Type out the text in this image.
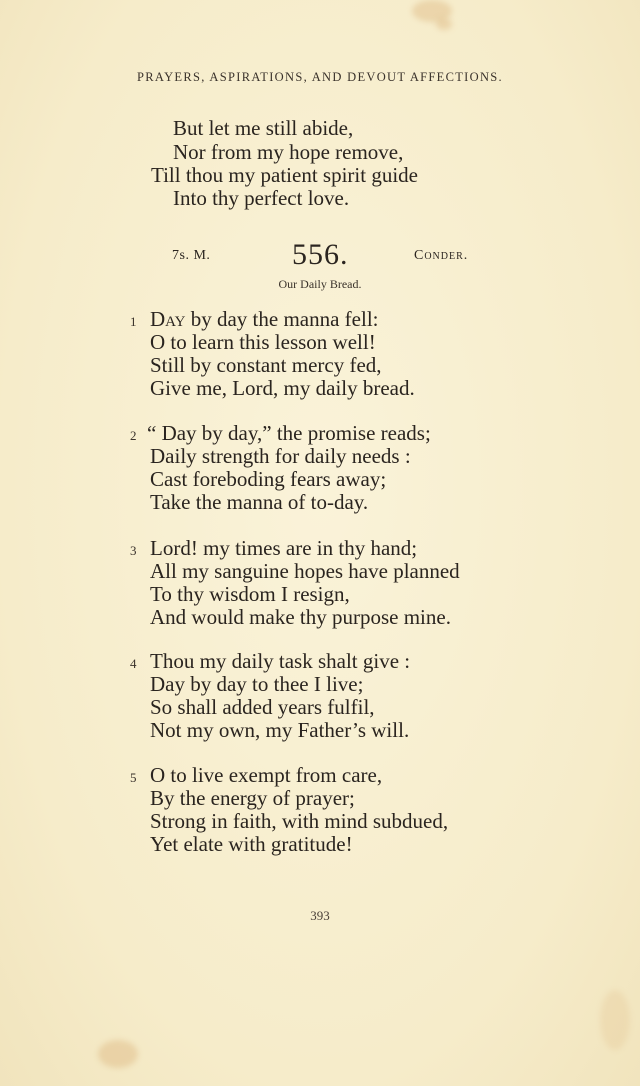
PRAYERS, ASPIRATIONS, AND DEVOUT AFFECTIONS.
But let me still abide,
Nor from my hope remove,
Till thou my patient spirit guide
Into thy perfect love.
7s. M.	556.	Conder.
Our Daily Bread.
1 Day by day the manna fell:
O to learn this lesson well!
Still by constant mercy fed,
Give me, Lord, my daily bread.
2 “ Day by day,” the promise reads;
Daily strength for daily needs :
Cast foreboding fears away;
Take the manna of to-day.
3 Lord! my times are in thy hand;
All my sanguine hopes have planned
To thy wisdom I resign,
And would make thy purpose mine.
4 Thou my daily task shalt give :
Day by day to thee I live;
So shall added years fulfil,
Not my own, my Father’s will.
5 O to live exempt from care,
By the energy of prayer;
Strong in faith, with mind subdued,
Yet elate with gratitude!
393
